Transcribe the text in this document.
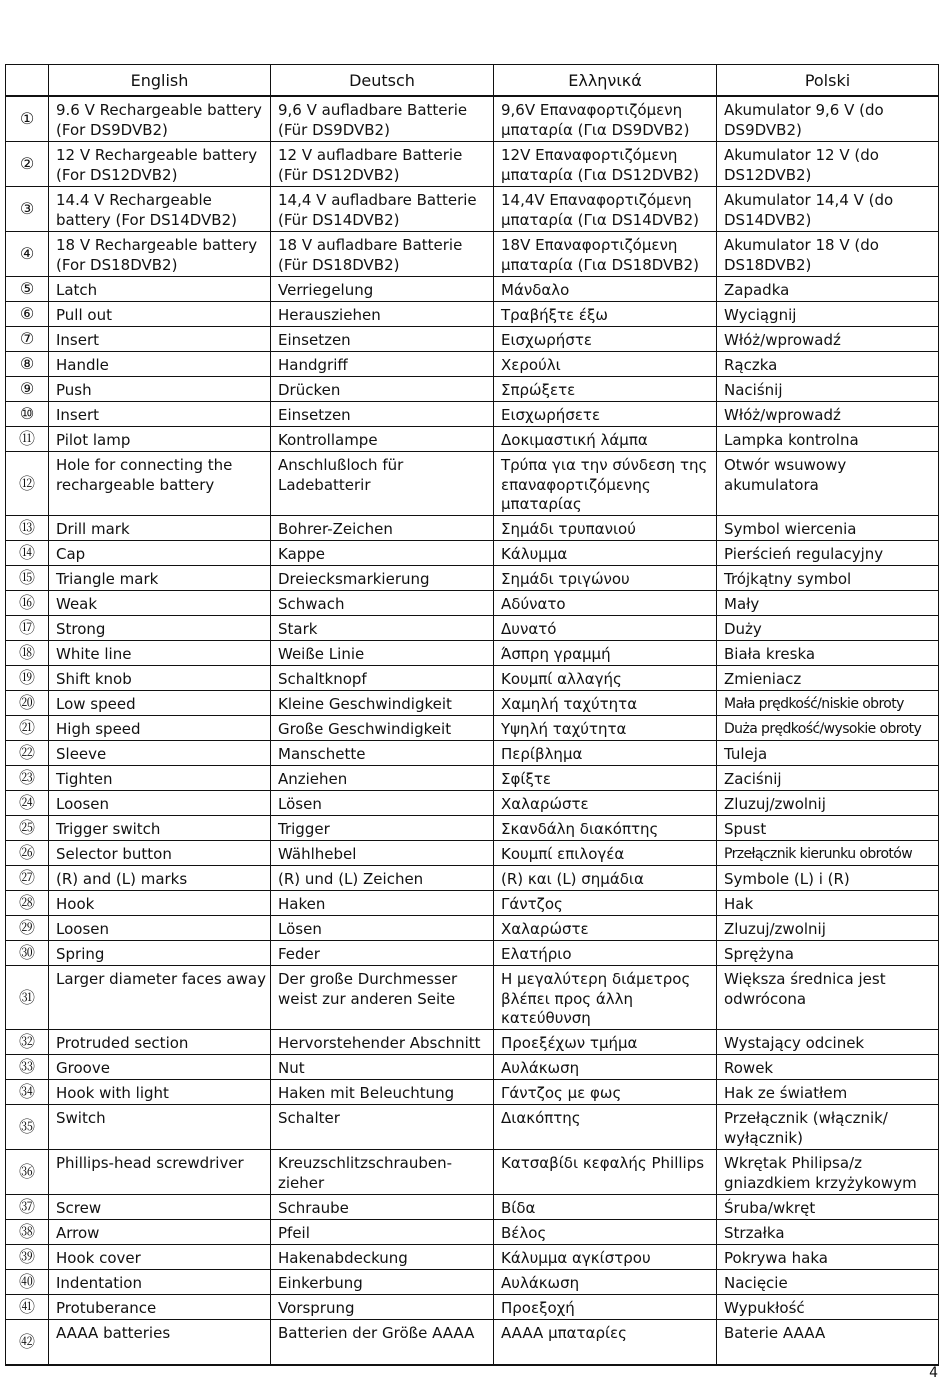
	English	Deutsch	Ελληνικά	Polski
①	9.6 V Rechargeable battery (For DS9DVB2)	9,6 V aufladbare Batterie (Für DS9DVB2)	9,6V Επαναφορτιζόμενη μπαταρία (Για DS9DVB2)	Akumulator 9,6 V (do DS9DVB2)
②	12 V Rechargeable battery (For DS12DVB2)	12 V aufladbare Batterie (Für DS12DVB2)	12V Επαναφορτιζόμενη μπαταρία (Για DS12DVB2)	Akumulator 12 V (do DS12DVB2)
③	14.4 V Rechargeable battery (For DS14DVB2)	14,4 V aufladbare Batterie (Für DS14DVB2)	14,4V Επαναφορτιζόμενη μπαταρία (Για DS14DVB2)	Akumulator 14,4 V (do DS14DVB2)
④	18 V Rechargeable battery (For DS18DVB2)	18 V aufladbare Batterie (Für DS18DVB2)	18V Επαναφορτιζόμενη μπαταρία (Για DS18DVB2)	Akumulator 18 V (do DS18DVB2)
⑤	Latch	Verriegelung	Μάνδαλο	Zapadka
⑥	Pull out	Herausziehen	Τραβήξτε έξω	Wyciągnij
⑦	Insert	Einsetzen	Εισχωρήστε	Włóż/wprowadź
⑧	Handle	Handgriff	Χερούλι	Rączka
⑨	Push	Drücken	Σπρώξετε	Naciśnij
⑩	Insert	Einsetzen	Εισχωρήσετε	Włóż/wprowadź
⑪	Pilot lamp	Kontrollampe	Δοκιμαστική λάμπα	Lampka kontrolna
⑫	Hole for connecting the rechargeable battery	Anschlußloch für Ladebatterir	Τρύπα για την σύνδεση της επαναφορτιζόμενης μπαταρίας	Otwór wsuwowy akumulatora
⑬	Drill mark	Bohrer-Zeichen	Σημάδι τρυπανιού	Symbol wiercenia
⑭	Cap	Kappe	Κάλυμμα	Pierścień regulacyjny
⑮	Triangle mark	Dreiecksmarkierung	Σημάδι τριγώνου	Trójkątny symbol
⑯	Weak	Schwach	Αδύνατο	Mały
⑰	Strong	Stark	Δυνατό	Duży
⑱	White line	Weiße Linie	Άσπρη γραμμή	Biała kreska
⑲	Shift knob	Schaltknopf	Κουμπί αλλαγής	Zmieniacz
⑳	Low speed	Kleine Geschwindigkeit	Χαμηλή ταχύτητα	Mała prędkość/niskie obroty
㉑	High speed	Große Geschwindigkeit	Υψηλή ταχύτητα	Duża prędkość/wysokie obroty
㉒	Sleeve	Manschette	Περίβλημα	Tuleja
㉓	Tighten	Anziehen	Σφίξτε	Zaciśnij
㉔	Loosen	Lösen	Χαλαρώστε	Zluzuj/zwolnij
㉕	Trigger switch	Trigger	Σκανδάλη διακόπτης	Spust
㉖	Selector button	Wählhebel	Κουμπί επιλογέα	Przełącznik kierunku obrotów
㉗	(R) and (L) marks	(R) und (L) Zeichen	(R) και (L) σημάδια	Symbole (L) i (R)
㉘	Hook	Haken	Γάντζος	Hak
㉙	Loosen	Lösen	Χαλαρώστε	Zluzuj/zwolnij
㉚	Spring	Feder	Ελατήριο	Sprężyna
㉛	Larger diameter faces away	Der große Durchmesser weist zur anderen Seite	Η μεγαλύτερη διάμετρος βλέπει προς άλλη κατεύθυνση	Większa średnica jest odwrócona
㉜	Protruded section	Hervorstehender Abschnitt	Προεξέχων τμήμα	Wystający odcinek
㉝	Groove	Nut	Αυλάκωση	Rowek
㉞	Hook with light	Haken mit Beleuchtung	Γάντζος με φως	Hak ze światłem
㉟	Switch	Schalter	Διακόπτης	Przełącznik (włącznik/ wyłącznik)
㊱	Phillips-head screwdriver	Kreuzschlitzschrauben-zieher	Κατσαβίδι κεφαλής Phillips	Wkrętak Philipsa/z gniazdkiem krzyżykowym
㊲	Screw	Schraube	Βίδα	Śruba/wkręt
㊳	Arrow	Pfeil	Βέλος	Strzałka
㊴	Hook cover	Hakenabdeckung	Κάλυμμα αγκίστρου	Pokrywa haka
㊵	Indentation	Einkerbung	Αυλάκωση	Nacięcie
㊶	Protuberance	Vorsprung	Προεξοχή	Wypukłość
㊷	AAAA batteries	Batterien der Größe AAAA	AAAA μπαταρίες	Baterie AAAA
4
